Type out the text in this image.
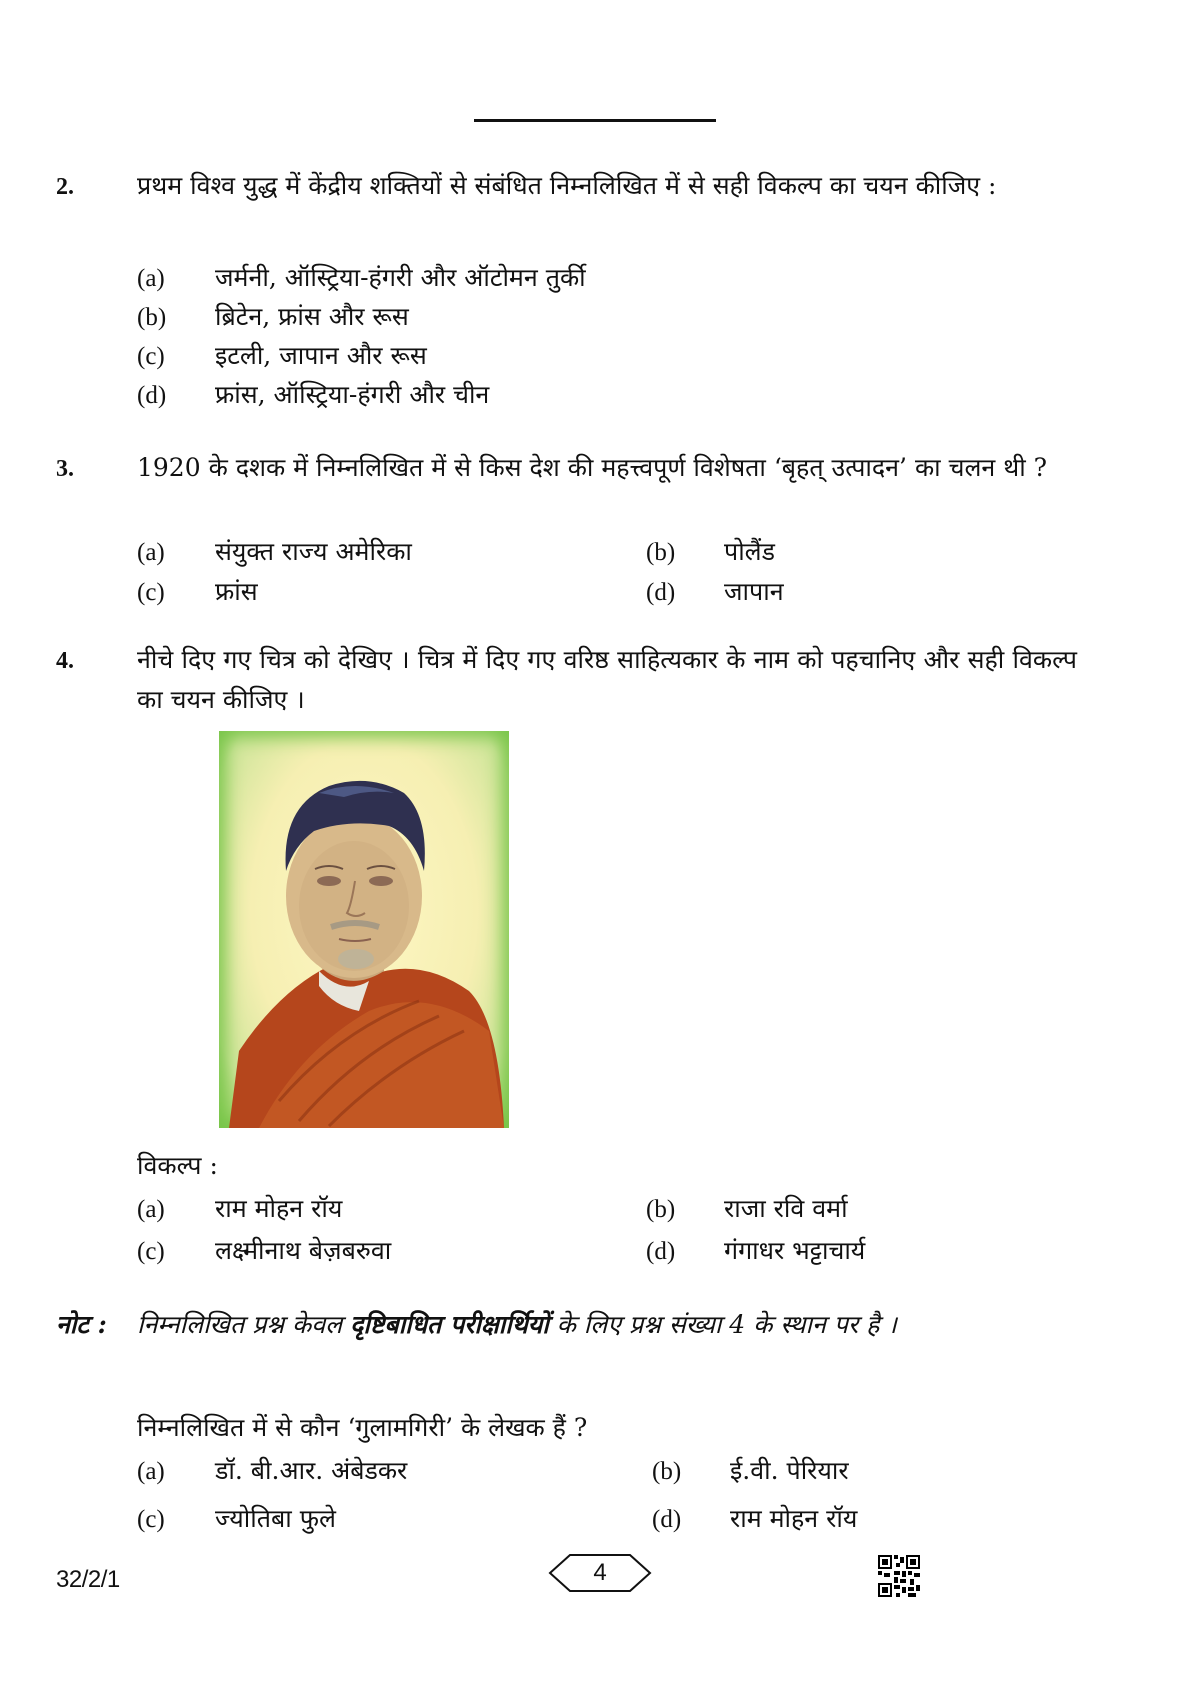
2.	प्रथम विश्व युद्ध में केंद्रीय शक्तियों से संबंधित निम्नलिखित में से सही विकल्प का चयन कीजिए :
(a) जर्मनी, ऑस्ट्रिया-हंगरी और ऑटोमन तुर्की
(b) ब्रिटेन, फ्रांस और रूस
(c) इटली, जापान और रूस
(d) फ्रांस, ऑस्ट्रिया-हंगरी और चीन
3.	1920 के दशक में निम्नलिखित में से किस देश की महत्त्वपूर्ण विशेषता ‘बृहत् उत्पादन’ का चलन थी ?
(a) संयुक्त राज्य अमेरिका	(b) पोलैंड
(c) फ्रांस	(d) जापान
4.	नीचे दिए गए चित्र को देखिए । चित्र में दिए गए वरिष्ठ साहित्यकार के नाम को पहचानिए और सही विकल्प का चयन कीजिए ।
विकल्प :
(a) राम मोहन रॉय	(b) राजा रवि वर्मा
(c) लक्ष्मीनाथ बेज़बरुवा	(d) गंगाधर भट्टाचार्य
नोट : निम्नलिखित प्रश्न केवल दृष्टिबाधित परीक्षार्थियों के लिए प्रश्न संख्या 4 के स्थान पर है ।
निम्नलिखित में से कौन ‘गुलामगिरी’ के लेखक हैं ?
(a) डॉ. बी.आर. अंबेडकर	(b) ई.वी. पेरियार
(c) ज्योतिबा फुले	(d) राम मोहन रॉय
32/2/1	4
